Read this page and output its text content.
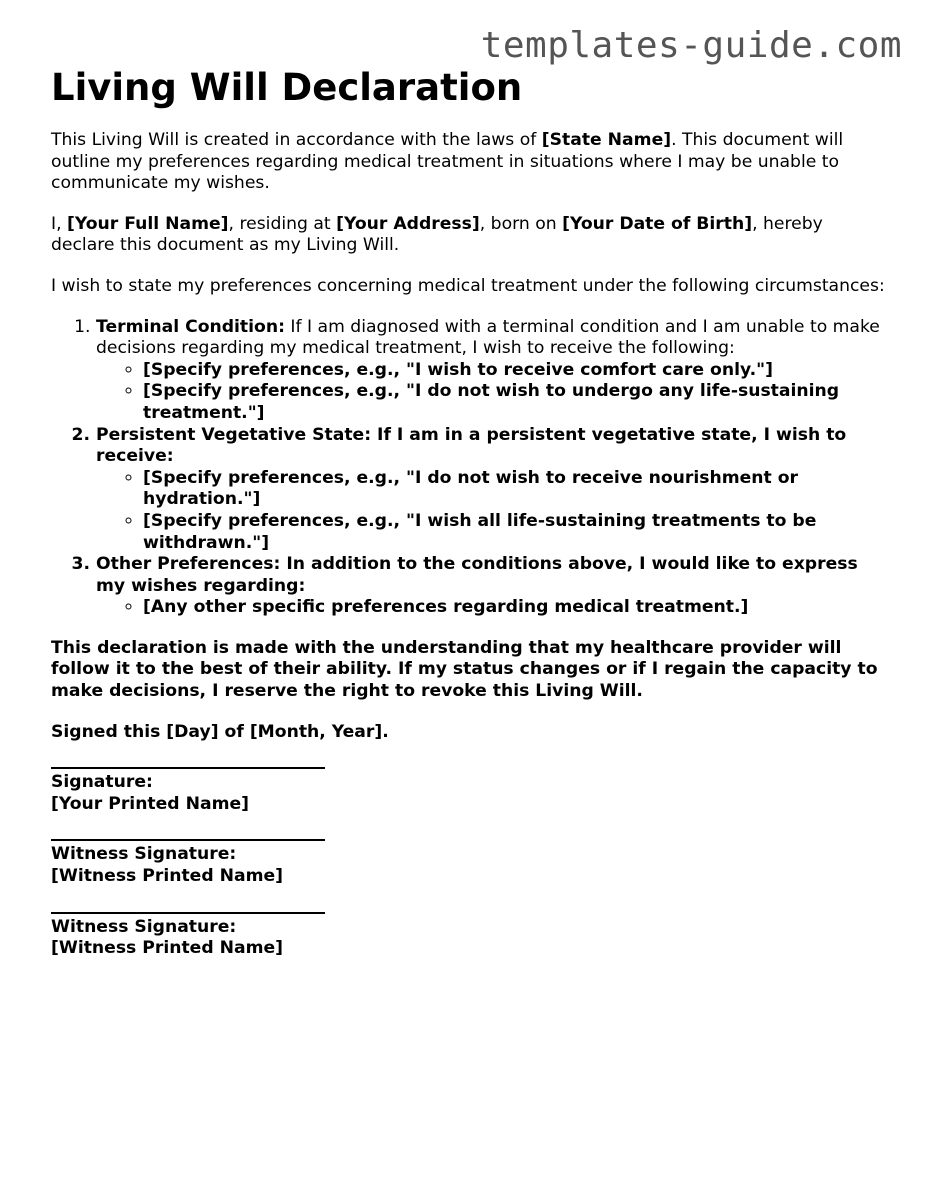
templates-guide.com
Living Will Declaration

This Living Will is created in accordance with the laws of [State Name]. This document will outline my preferences regarding medical treatment in situations where I may be unable to communicate my wishes.

I, [Your Full Name], residing at [Your Address], born on [Your Date of Birth], hereby declare this document as my Living Will.

I wish to state my preferences concerning medical treatment under the following circumstances:

1. Terminal Condition: If I am diagnosed with a terminal condition and I am unable to make decisions regarding my medical treatment, I wish to receive the following:
◦ [Specify preferences, e.g., "I wish to receive comfort care only."]
◦ [Specify preferences, e.g., "I do not wish to undergo any life-sustaining treatment."]
2. Persistent Vegetative State: If I am in a persistent vegetative state, I wish to receive:
◦ [Specify preferences, e.g., "I do not wish to receive nourishment or hydration."]
◦ [Specify preferences, e.g., "I wish all life-sustaining treatments to be withdrawn."]
3. Other Preferences: In addition to the conditions above, I would like to express my wishes regarding:
◦ [Any other specific preferences regarding medical treatment.]

This declaration is made with the understanding that my healthcare provider will follow it to the best of their ability. If my status changes or if I regain the capacity to make decisions, I reserve the right to revoke this Living Will.

Signed this [Day] of [Month, Year].

Signature:
[Your Printed Name]
Witness Signature:
[Witness Printed Name]
Witness Signature:
[Witness Printed Name]
